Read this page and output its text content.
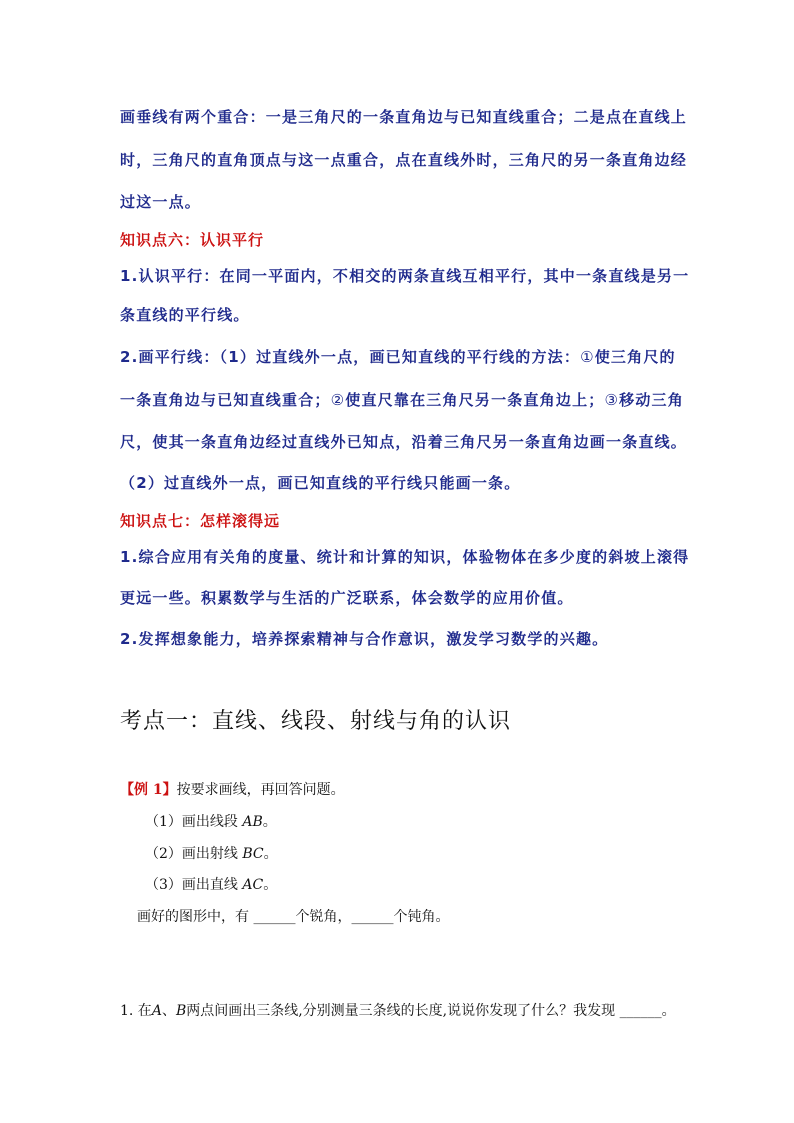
画垂线有两个重合：一是三角尺的一条直角边与已知直线重合；二是点在直线上
时，三角尺的直角顶点与这一点重合，点在直线外时，三角尺的另一条直角边经
过这一点。
知识点六：认识平行
1.认识平行：在同一平面内，不相交的两条直线互相平行，其中一条直线是另一
条直线的平行线。
2.画平行线：（1）过直线外一点，画已知直线的平行线的方法：①使三角尺的
一条直角边与已知直线重合；②使直尺靠在三角尺另一条直角边上；③移动三角
尺，使其一条直角边经过直线外已知点，沿着三角尺另一条直角边画一条直线。
（2）过直线外一点，画已知直线的平行线只能画一条。
知识点七：怎样滚得远
1.综合应用有关角的度量、统计和计算的知识，体验物体在多少度的斜坡上滚得
更远一些。积累数学与生活的广泛联系，体会数学的应用价值。
2.发挥想象能力，培养探索精神与合作意识，激发学习数学的兴趣。
考点一：直线、线段、射线与角的认识
【例 1】按要求画线，再回答问题。
（1）画出线段 AB。
（2）画出射线 BC。
（3）画出直线 AC。
画好的图形中，有 ______个锐角，______个钝角。
1. 在A、B两点间画出三条线,分别测量三条线的长度,说说你发现了什么？我发现 ______。
